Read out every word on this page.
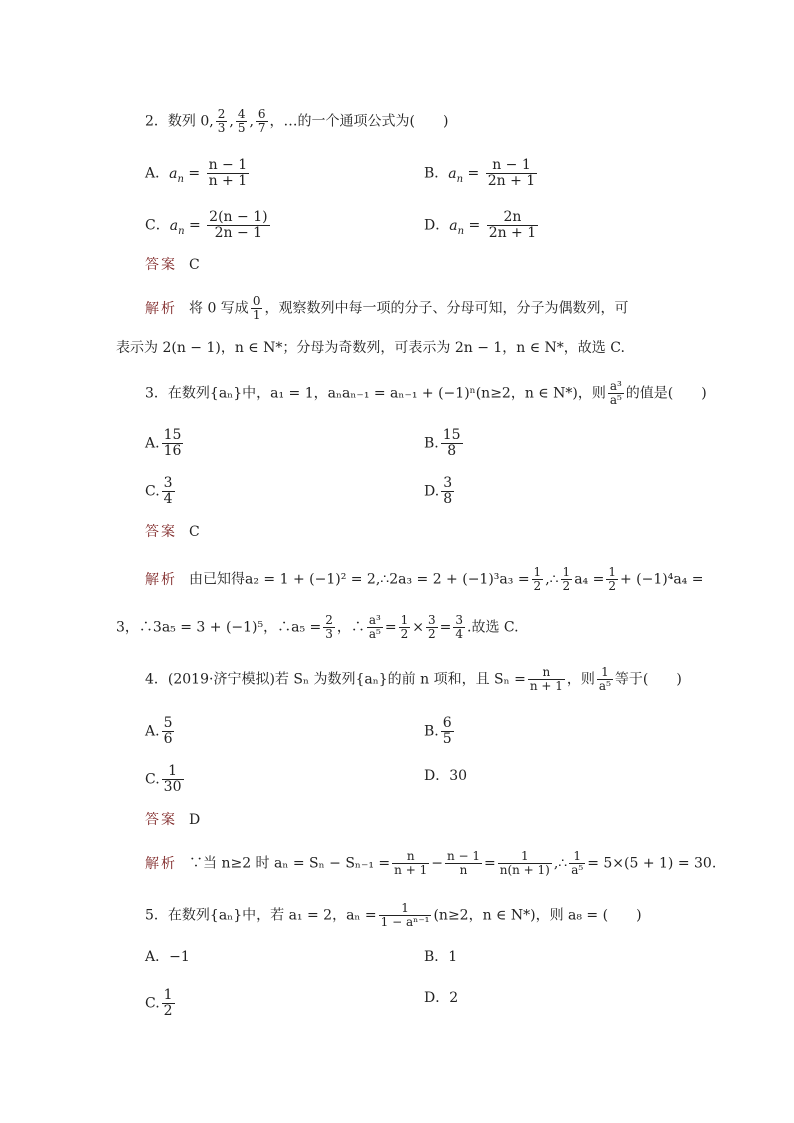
2．数列 0, $\frac{2}{3}$ , $\frac{4}{5}$ , $\frac{6}{7}$ ，…的一个通项公式为(　　)
A．$a_n = \frac{n - 1}{n + 1}$	B．$a_n = \frac{n - 1}{2n + 1}$
C．$a_n = \frac{2(n - 1)}{2n - 1}$	D．$a_n = \frac{2n}{2n + 1}$
答案 C
解析 将 0 写成 $\frac{0}{1}$ ，观察数列中每一项的分子、分母可知，分子为偶数列，可
表示为 2(n − 1)，n ∈ N*；分母为奇数列，可表示为 2n − 1，n ∈ N*，故选 C.
3．在数列{aₙ}中，a₁ = 1，aₙaₙ₋₁ = aₙ₋₁ + (−1)ⁿ(n≥2，n ∈ N*)，则 $\frac{\text{a³}}{\text{a⁵}}$ 的值是(　　)
A. $\frac{15}{16}$	B. $\frac{15}{8}$
C. $\frac{3}{4}$	D. $\frac{3}{8}$
答案 C
解析 由已知得a₂ = 1 + (−1)² = 2,∴2a₃ = $2 + (-1)^3a_3 = \frac{1}{2}$ ,∴ $\frac{1}{2} a_4 = \frac{1}{2} + (-1)^4a_4$ =
3，∴3a₅ = 3 + (−1)⁵，∴a₅ = $\frac{2}{3}$ ，∴ $\frac{\text{a³}}{\text{a⁵}} = \frac{1}{2} \times \frac{3}{2} = \frac{3}{4}$ .故选 C.
4．(2019·济宁模拟)若 Sₙ 为数列{aₙ}的前 n 项和，且 $S_n = \frac{n}{n + 1}$ ，则 $\frac{1}{\text{a⁵}}$ 等于(　　)
A. $\frac{5}{6}$	B. $\frac{6}{5}$
C. $\frac{1}{30}$	D．30
答案 D
解析 ∵当 n≥2 时 $a_n = S_n - S_{n-1} = \frac{n}{n + 1} - \frac{n - 1}{n} = \frac{1}{n(n + 1)}$ ,∴ $\frac{1}{\text{a⁵}} = 5\times(5 + 1) = 30$.
5．在数列{aₙ}中，若 a₁ = 2，$a_n = \frac{1}{\text{1 − aⁿ⁻¹}} (n\ge 2$，n ∈ N*)，则 a₈ = (　　)
A．−1	B．1
C. $\frac{1}{2}$	D．2
